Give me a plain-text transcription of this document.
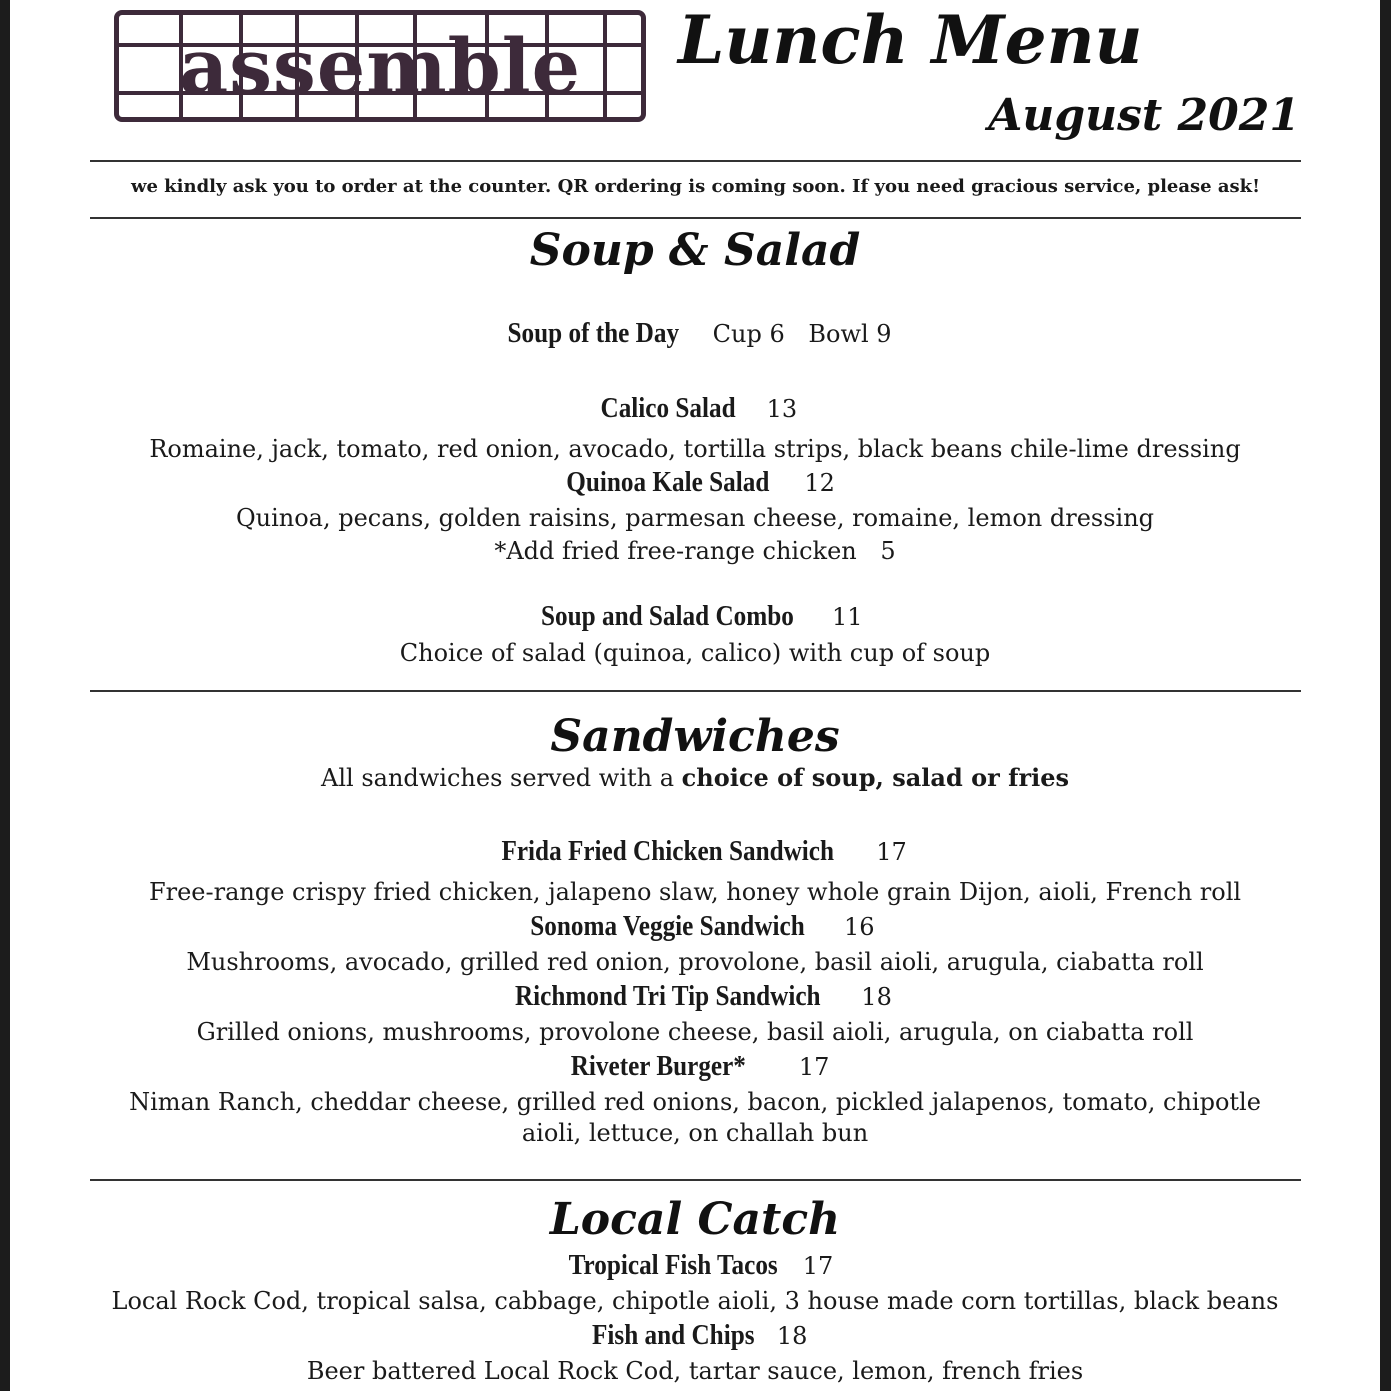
assemble	Lunch Menu
August 2021
we kindly ask you to order at the counter. QR ordering is coming soon. If you need gracious service, please ask!
Soup & Salad
Soup of the Day Cup 6 Bowl 9
Calico Salad 13
Romaine, jack, tomato, red onion, avocado, tortilla strips, black beans chile-lime dressing
Quinoa Kale Salad 12
Quinoa, pecans, golden raisins, parmesan cheese, romaine, lemon dressing
*Add fried free-range chicken 5
Soup and Salad Combo 11
Choice of salad (quinoa, calico) with cup of soup
Sandwiches
All sandwiches served with a choice of soup, salad or fries
Frida Fried Chicken Sandwich 17
Free-range crispy fried chicken, jalapeno slaw, honey whole grain Dijon, aioli, French roll
Sonoma Veggie Sandwich 16
Mushrooms, avocado, grilled red onion, provolone, basil aioli, arugula, ciabatta roll
Richmond Tri Tip Sandwich 18
Grilled onions, mushrooms, provolone cheese, basil aioli, arugula, on ciabatta roll
Riveter Burger* 17
Niman Ranch, cheddar cheese, grilled red onions, bacon, pickled jalapenos, tomato, chipotle
aioli, lettuce, on challah bun
Local Catch
Tropical Fish Tacos 17
Local Rock Cod, tropical salsa, cabbage, chipotle aioli, 3 house made corn tortillas, black beans
Fish and Chips 18
Beer battered Local Rock Cod, tartar sauce, lemon, french fries
